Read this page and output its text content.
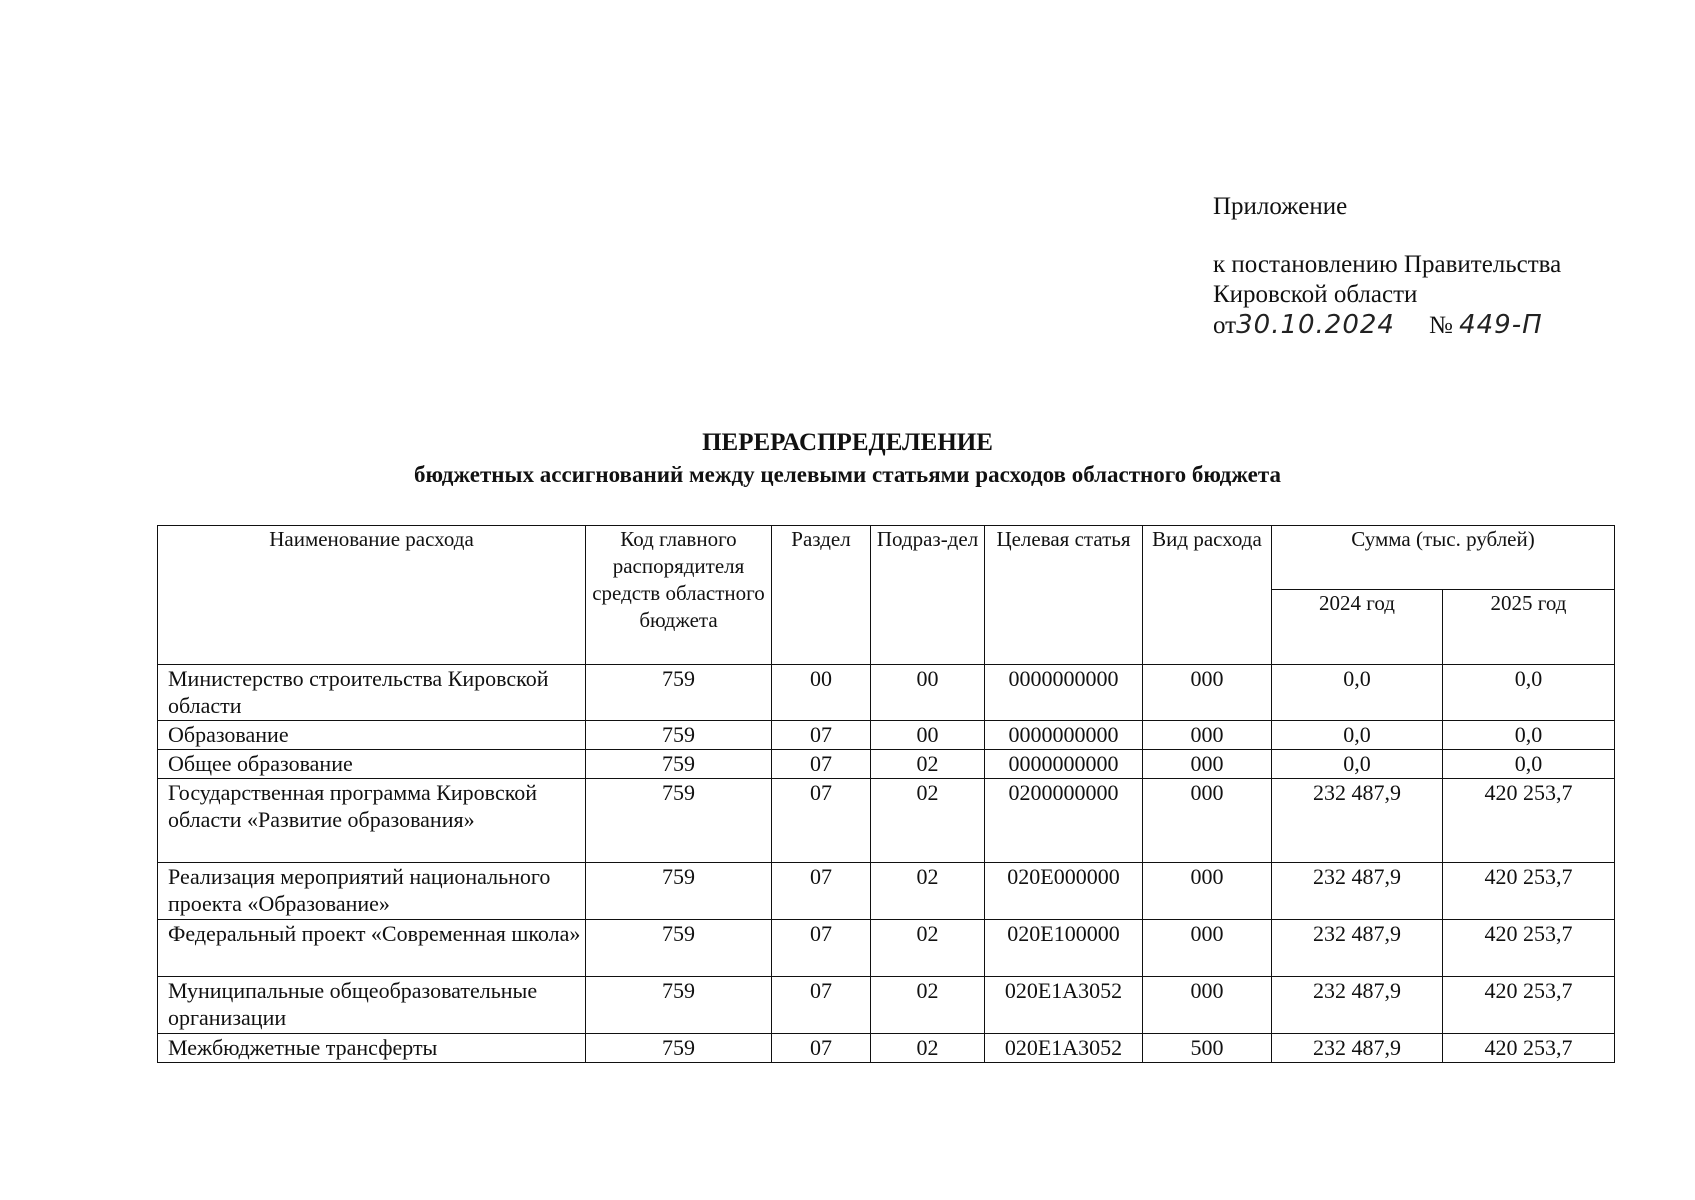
Приложение
к постановлению Правительства
Кировской области
от30.10.2024 № 449-П
ПЕРЕРАСПРЕДЕЛЕНИЕ
бюджетных ассигнований между целевыми статьями расходов областного бюджета
Наименование расхода	Код главного распорядителя средств областного бюджета	Раздел	Подраз-дел	Целевая статья	Вид расхода	Сумма (тыс. рублей)	
						2024 год	2025 год
Министерство строительства Кировской области	759	00	00	0000000000	000	0,0	0,0
Образование	759	07	00	0000000000	000	0,0	0,0
Общее образование	759	07	02	0000000000	000	0,0	0,0
Государственная программа Кировской области «Развитие образования»	759	07	02	0200000000	000	232 487,9	420 253,7
Реализация мероприятий национального проекта «Образование»	759	07	02	020E000000	000	232 487,9	420 253,7
Федеральный проект «Современная школа»	759	07	02	020E100000	000	232 487,9	420 253,7
Муниципальные общеобразовательные организации	759	07	02	020E1A3052	000	232 487,9	420 253,7
Межбюджетные трансферты	759	07	02	020E1A3052	500	232 487,9	420 253,7
